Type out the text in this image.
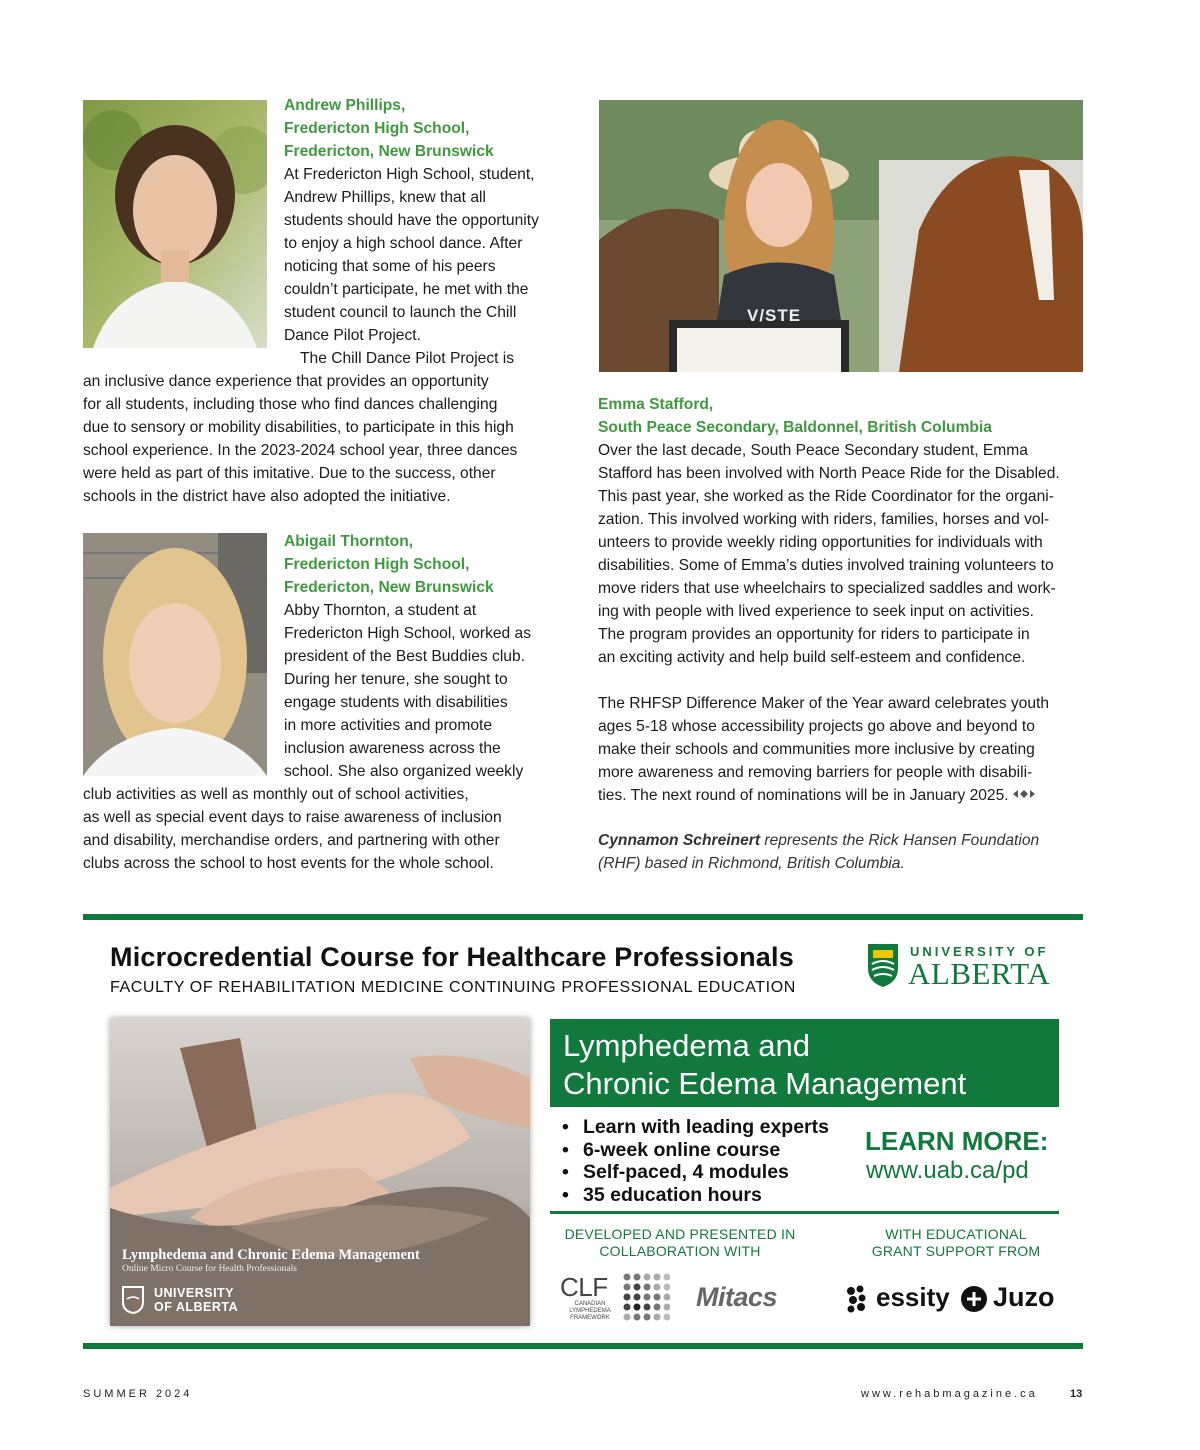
Andrew Phillips,
Fredericton High School,
Fredericton, New Brunswick
At Fredericton High School, student,
Andrew Phillips, knew that all
students should have the opportunity
to enjoy a high school dance. After
noticing that some of his peers
couldn’t participate, he met with the
student council to launch the Chill
Dance Pilot Project.
The Chill Dance Pilot Project is
an inclusive dance experience that provides an opportunity
for all students, including those who find dances challenging
due to sensory or mobility disabilities, to participate in this high
school experience. In the 2023-2024 school year, three dances
were held as part of this imitative. Due to the success, other
schools in the district have also adopted the initiative.
Abigail Thornton,
Fredericton High School,
Fredericton, New Brunswick
Abby Thornton, a student at
Fredericton High School, worked as
president of the Best Buddies club.
During her tenure, she sought to
engage students with disabilities
in more activities and promote
inclusion awareness across the
school. She also organized weekly
club activities as well as monthly out of school activities,
as well as special event days to raise awareness of inclusion
and disability, merchandise orders, and partnering with other
clubs across the school to host events for the whole school.
V/STE
Emma Stafford,
South Peace Secondary, Baldonnel, British Columbia
Over the last decade, South Peace Secondary student, Emma
Stafford has been involved with North Peace Ride for the Disabled.
This past year, she worked as the Ride Coordinator for the organi-
zation. This involved working with riders, families, horses and vol-
unteers to provide weekly riding opportunities for individuals with
disabilities. Some of Emma’s duties involved training volunteers to
move riders that use wheelchairs to specialized saddles and work-
ing with people with lived experience to seek input on activities.
The program provides an opportunity for riders to participate in
an exciting activity and help build self-esteem and confidence.
The RHFSP Difference Maker of the Year award celebrates youth
ages 5-18 whose accessibility projects go above and beyond to
make their schools and communities more inclusive by creating
more awareness and removing barriers for people with disabili-
ties. The next round of nominations will be in January 2025.
Cynnamon Schreinert represents the Rick Hansen Foundation
(RHF) based in Richmond, British Columbia.
Microcredential Course for Healthcare Professionals
FACULTY OF REHABILITATION MEDICINE CONTINUING PROFESSIONAL EDUCATION
UNIVERSITY OF
ALBERTA
Lymphedema and Chronic Edema Management
Online Micro Course for Health Professionals
UNIVERSITY
OF ALBERTA
Lymphedema and
Chronic Edema Management
• Learn with leading experts
• 6-week online course
• Self-paced, 4 modules
• 35 education hours
LEARN MORE:
www.uab.ca/pd
DEVELOPED AND PRESENTED IN
COLLABORATION WITH
WITH EDUCATIONAL
GRANT SUPPORT FROM
CLF
CANADIAN
LYMPHEDEMA
FRAMEWORK
Mitacs	essity Juzo
SUMMER 2024	www.rehabmagazine.ca	13
